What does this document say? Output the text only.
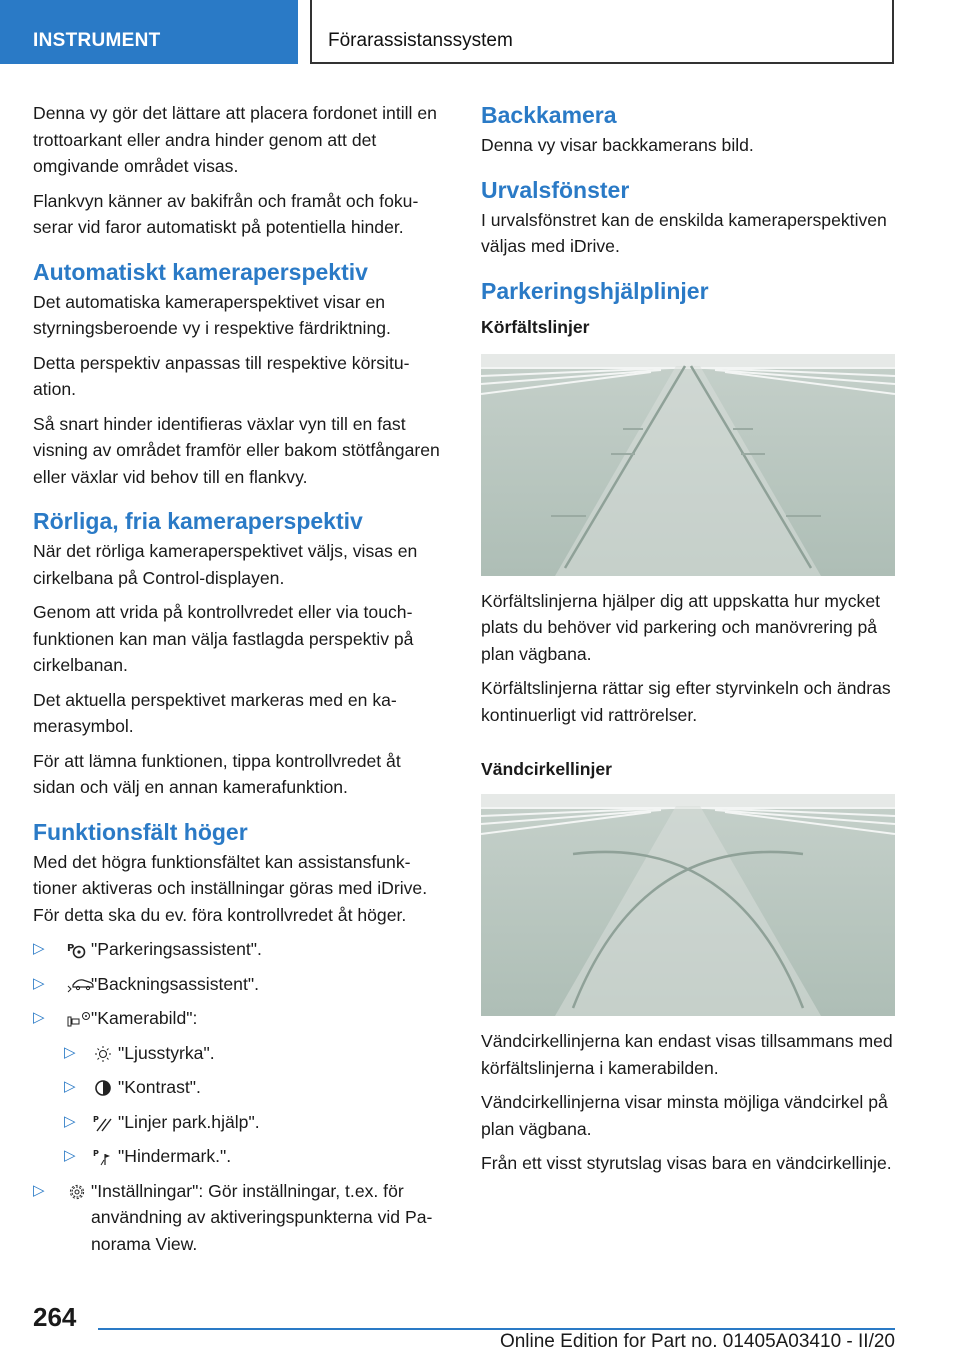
INSTRUMENT	Förarassistanssystem

Denna vy gör det lättare att placera fordonet intill en trottoarkant eller andra hinder genom att det omgivande området visas.

Flankvyn känner av bakifrån och framåt och fokuserar vid faror automatiskt på potentiella hinder.

Automatiskt kameraperspektiv

Det automatiska kameraperspektivet visar en styrningsberoende vy i respektive färdriktning.

Detta perspektiv anpassas till respektive körsituation.

Så snart hinder identifieras växlar vyn till en fast visning av området framför eller bakom stötfångaren eller växlar vid behov till en flankvy.

Rörliga, fria kameraperspektiv

När det rörliga kameraperspektivet väljs, visas en cirkelbana på Control-displayen.

Genom att vrida på kontrollvredet eller via touchfunktionen kan man välja fastlagda perspektiv på cirkelbanan.

Det aktuella perspektivet markeras med en kamerasymbol.

För att lämna funktionen, tippa kontrollvredet åt sidan och välj en annan kamerafunktion.

Funktionsfält höger

Med det högra funktionsfältet kan assistansfunktioner aktiveras och inställningar göras med iDrive. För detta ska du ev. föra kontrollvredet åt höger.

▷ P "Parkeringsassistent".
▷	"Backningsassistent".
▷	"Kamerabild":
▷ "Ljusstyrka".
▷ "Kontrast".
▷ P "Linjer park.hjälp".
▷ P "Hindermark.".
▷	"Inställningar": Gör inställningar, t.ex. för användning av aktiveringspunkterna vid Panorama View.
Backkamera

Denna vy visar backkamerans bild.

Urvalsfönster

I urvalsfönstret kan de enskilda kameraperspektiven väljas med iDrive.

Parkeringshjälplinjer
Körfältslinjer

Körfältslinjerna hjälper dig att uppskatta hur mycket plats du behöver vid parkering och manövrering på plan vägbana.

Körfältslinjerna rättar sig efter styrvinkeln och ändras kontinuerligt vid rattrörelser.

Vändcirkellinjer

Vändcirkellinjerna kan endast visas tillsammans med körfältslinjerna i kamerabilden.

Vändcirkellinjerna visar minsta möjliga vändcirkel på plan vägbana.

Från ett visst styrutslag visas bara en vändcirkellinje.

264
Online Edition for Part no. 01405A03410 - II/20
